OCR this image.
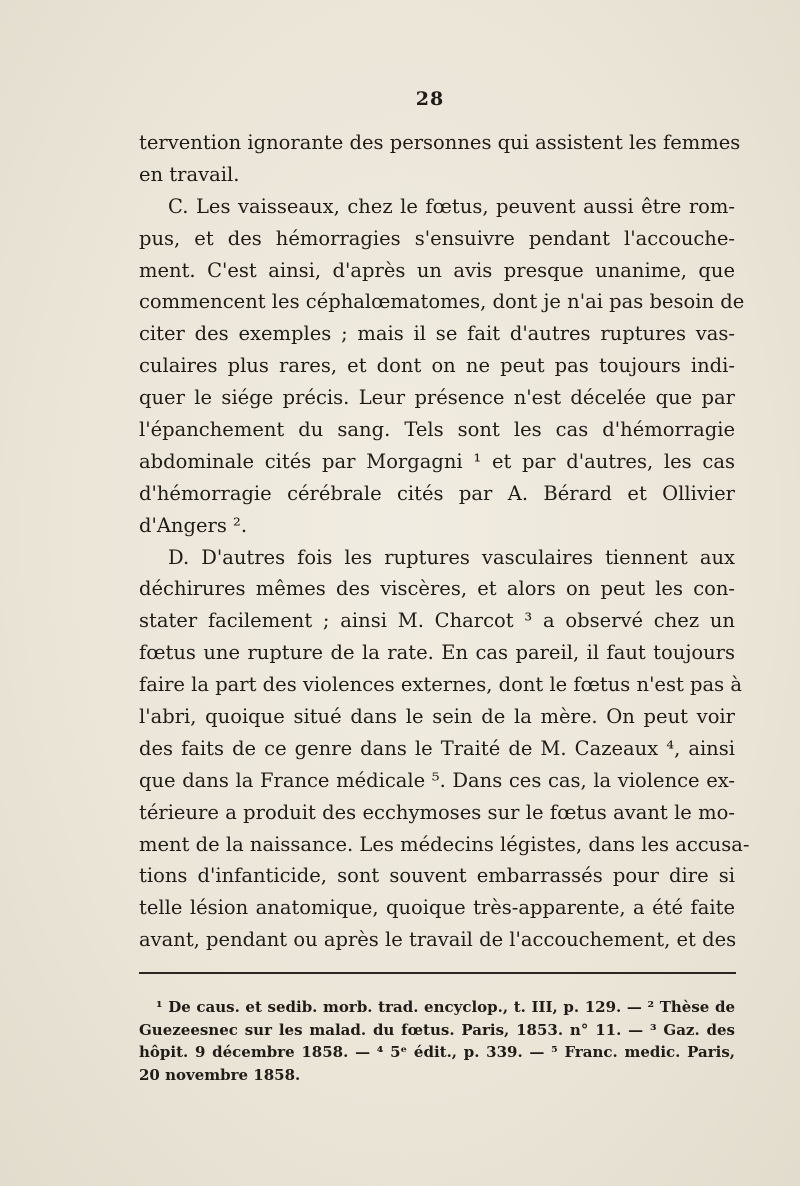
28
tervention ignorante des personnes qui assistent les femmes
en travail.
C. Les vaisseaux, chez le fœtus, peuvent aussi être rom-
pus, et des hémorragies s'ensuivre pendant l'accouche-
ment. C'est ainsi, d'après un avis presque unanime, que
commencent les céphalœmatomes, dont je n'ai pas besoin de
citer des exemples ; mais il se fait d'autres ruptures vas-
culaires plus rares, et dont on ne peut pas toujours indi-
quer le siége précis. Leur présence n'est décelée que par
l'épanchement du sang. Tels sont les cas d'hémorragie
abdominale cités par Morgagni ¹ et par d'autres, les cas
d'hémorragie cérébrale cités par A. Bérard et Ollivier
d'Angers ².
D. D'autres fois les ruptures vasculaires tiennent aux
déchirures mêmes des viscères, et alors on peut les con-
stater facilement ; ainsi M. Charcot ³ a observé chez un
fœtus une rupture de la rate. En cas pareil, il faut toujours
faire la part des violences externes, dont le fœtus n'est pas à
l'abri, quoique situé dans le sein de la mère. On peut voir
des faits de ce genre dans le Traité de M. Cazeaux ⁴, ainsi
que dans la France médicale ⁵. Dans ces cas, la violence ex-
térieure a produit des ecchymoses sur le fœtus avant le mo-
ment de la naissance. Les médecins légistes, dans les accusa-
tions d'infanticide, sont souvent embarrassés pour dire si
telle lésion anatomique, quoique très-apparente, a été faite
avant, pendant ou après le travail de l'accouchement, et des
¹ De caus. et sedib. morb. trad. encyclop., t. III, p. 129. — ² Thèse de
Guezeesnec sur les malad. du fœtus. Paris, 1853. n° 11. — ³ Gaz. des
hôpit. 9 décembre 1858. — ⁴ 5ᵉ édit., p. 339. — ⁵ Franc. medic. Paris,
20 novembre 1858.
